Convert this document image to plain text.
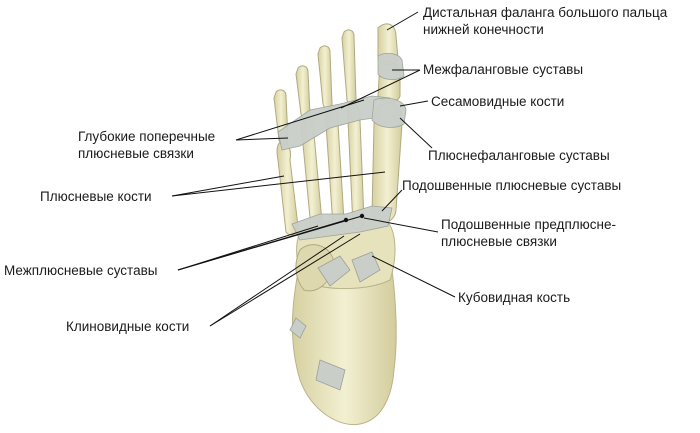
Дистальная фаланга большого пальца
нижней конечности
Межфаланговые суставы
Сесамовидные кости
Глубокие поперечные
плюсневые связки	Плюснефаланговые суставы
Плюсневые кости
Подошвенные плюсневые суставы
Подошвенные предплюсне-
плюсневые связки
Межплюсневые суставы
Кубовидная кость
Клиновидные кости
